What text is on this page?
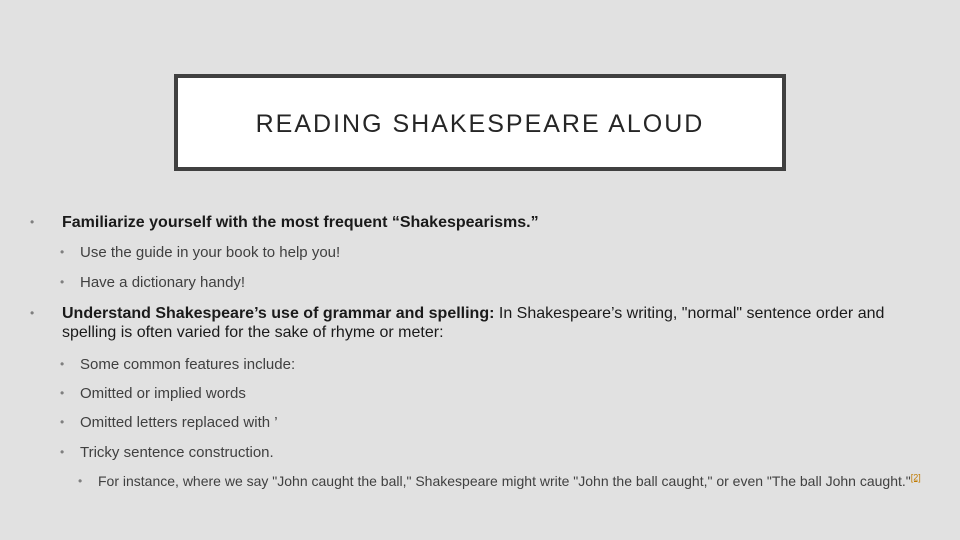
READING SHAKESPEARE ALOUD
• Familiarize yourself with the most frequent “Shakespearisms.”
• Use the guide in your book to help you!
• Have a dictionary handy!
• Understand Shakespeare’s use of grammar and spelling: In Shakespeare’s writing, "normal" sentence order and spelling is often varied for the sake of rhyme or meter:
• Some common features include:
• Omitted or implied words
• Omitted letters replaced with ’
• Tricky sentence construction.
• For instance, where we say "John caught the ball," Shakespeare might write "John the ball caught," or even "The ball John caught."[2]
